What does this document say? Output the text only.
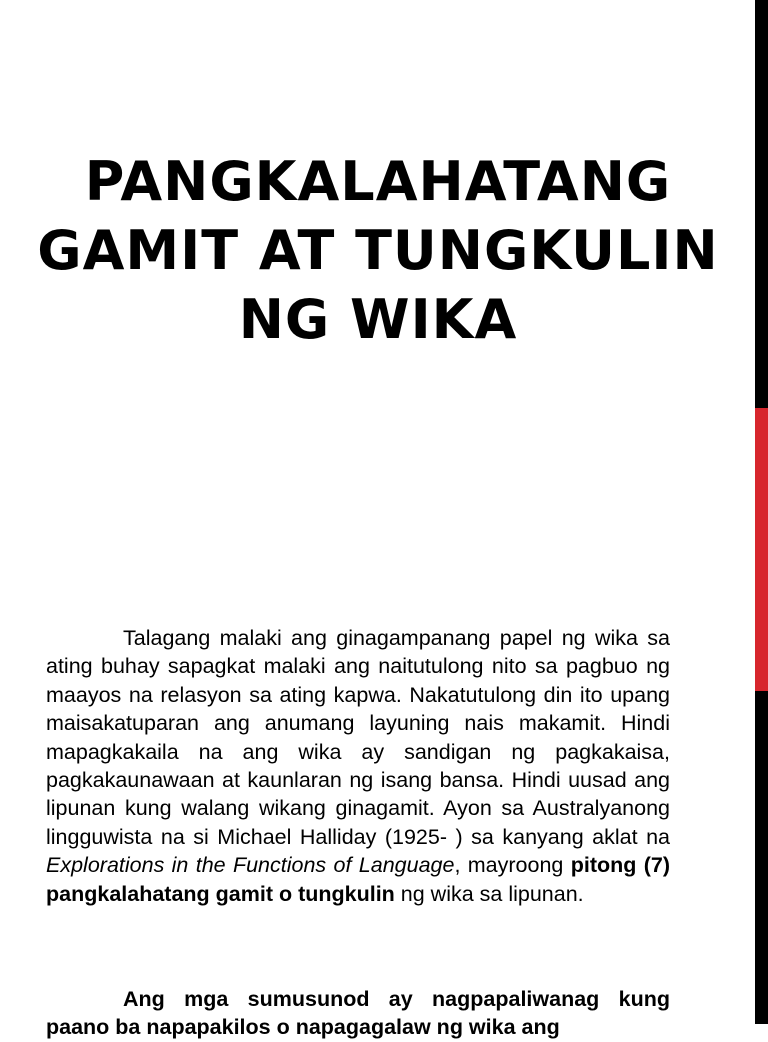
PANGKALAHATANG
GAMIT AT TUNGKULIN
NG WIKA

Talagang malaki ang ginagampanang papel ng wika sa ating buhay sapagkat malaki ang naitutulong nito sa pagbuo ng maayos na relasyon sa ating kapwa. Nakatutulong din ito upang maisakatuparan ang anumang layuning nais makamit. Hindi mapagkakaila na ang wika ay sandigan ng pagkakaisa, pagkakaunawaan at kaunlaran ng isang bansa. Hindi uusad ang lipunan kung walang wikang ginagamit. Ayon sa Australyanong lingguwista na si Michael Halliday (1925- ) sa kanyang aklat na Explorations in the Functions of Language, mayroong pitong (7) pangkalahatang gamit o tungkulin ng wika sa lipunan.

Ang mga sumusunod ay nagpapaliwanag kung paano ba napapakilos o napagagalaw ng wika ang
